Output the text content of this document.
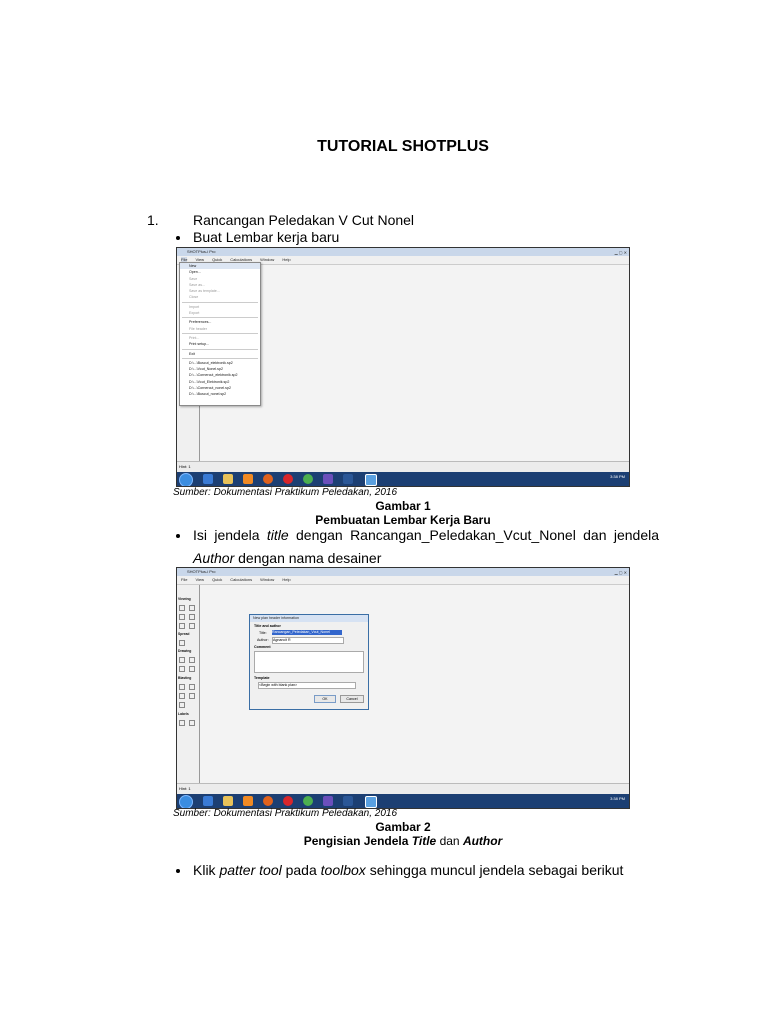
TUTORIAL SHOTPLUS
1. Rancangan Peledakan V Cut Nonel
Buat Lembar kerja baru
SHOTPlus-i Pro	▁ ▢ ✕
File View Quick Calculations Window Help
New
Open...
Save
Save as...
Save as template...
Close
Import
Export
Preferences...
File header
Print...
Print setup...
Exit
D:\...\Buscut_elektronik.sp2
D:\...\Vcut_Nonel.sp2
D:\...\Cornercut_elektronik.sp2
D:\...\Vcut_Elektronik.sp2
D:\...\Cornercut_nonel.sp2
D:\...\Buscut_nonel.sp2
Hint: 1
3:38 PM
Sumber: Dokumentasi Praktikum Peledakan, 2016
Gambar 1
Pembuatan Lembar Kerja Baru
Isi jendela title dengan Rancangan_Peledakan_Vcut_Nonel dan jendela
Author dengan nama desainer
SHOTPlus-i Pro	▁ ▢ ✕
File View Quick Calculations Window Help
Viewing
Spread
Drawing
Blasting
Labels
New plan header information
Title and author
Title: Rancangan_Peledakan_Vcut_Nonel
Author: Agnancit R
Comment
Template
<Begin with blank plan>
OK	Cancel
Hint: 1
3:38 PM
Sumber: Dokumentasi Praktikum Peledakan, 2016
Gambar 2
Pengisian Jendela Title dan Author
Klik patter tool pada toolbox sehingga muncul jendela sebagai berikut
